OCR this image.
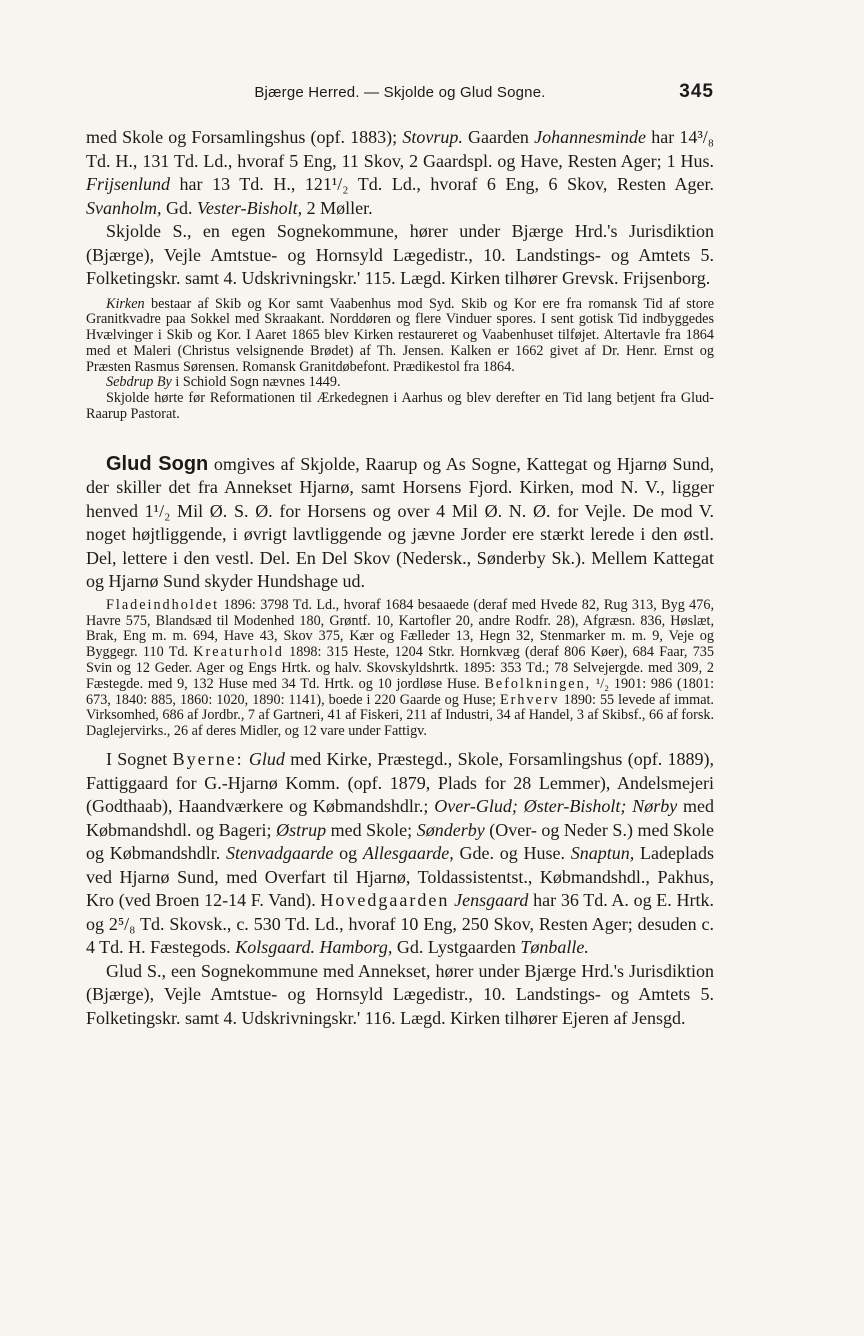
Bjærge Herred. — Skjolde og Glud Sogne.	345

med Skole og Forsamlingshus (opf. 1883); Stovrup. Gaarden Johannesminde har 14³/₈ Td. H., 131 Td. Ld., hvoraf 5 Eng, 11 Skov, 2 Gaardspl. og Have, Resten Ager; 1 Hus. Frijsenlund har 13 Td. H., 121¹/₂ Td. Ld., hvoraf 6 Eng, 6 Skov, Resten Ager. Svanholm, Gd. Vester-Bisholt, 2 Møller.

Skjolde S., en egen Sognekommune, hører under Bjærge Hrd.'s Jurisdiktion (Bjærge), Vejle Amtstue- og Hornsyld Lægedistr., 10. Landstings- og Amtets 5. Folketingskr. samt 4. Udskrivningskr.' 115. Lægd. Kirken tilhører Grevsk. Frijsenborg.

Kirken bestaar af Skib og Kor samt Vaabenhus mod Syd. Skib og Kor ere fra romansk Tid af store Granitkvadre paa Sokkel med Skraakant. Norddøren og flere Vinduer spores. I sent gotisk Tid indbyggedes Hvælvinger i Skib og Kor. I Aaret 1865 blev Kirken restaureret og Vaabenhuset tilføjet. Altertavle fra 1864 med et Maleri (Christus velsignende Brødet) af Th. Jensen. Kalken er 1662 givet af Dr. Henr. Ernst og Præsten Rasmus Sørensen. Romansk Granitdøbefont. Prædikestol fra 1864.

Sebdrup By i Schiold Sogn nævnes 1449.

Skjolde hørte før Reformationen til Ærkedegnen i Aarhus og blev derefter en Tid lang betjent fra Glud-Raarup Pastorat.

Glud Sogn omgives af Skjolde, Raarup og As Sogne, Kattegat og Hjarnø Sund, der skiller det fra Annekset Hjarnø, samt Horsens Fjord. Kirken, mod N. V., ligger henved 1¹/₂ Mil Ø. S. Ø. for Horsens og over 4 Mil Ø. N. Ø. for Vejle. De mod V. noget højtliggende, i øvrigt lavtliggende og jævne Jorder ere stærkt lerede i den østl. Del, lettere i den vestl. Del. En Del Skov (Nedersk., Sønderby Sk.). Mellem Kattegat og Hjarnø Sund skyder Hundshage ud.

Fladeindholdet 1896: 3798 Td. Ld., hvoraf 1684 besaaede (deraf med Hvede 82, Rug 313, Byg 476, Havre 575, Blandsæd til Modenhed 180, Grøntf. 10, Kartofler 20, andre Rodfr. 28), Afgræsn. 836, Høslæt, Brak, Eng m. m. 694, Have 43, Skov 375, Kær og Fælleder 13, Hegn 32, Stenmarker m. m. 9, Veje og Byggegr. 110 Td. Kreaturhold 1898: 315 Heste, 1204 Stkr. Hornkvæg (deraf 806 Køer), 684 Faar, 735 Svin og 12 Geder. Ager og Engs Hrtk. og halv. Skovskyldshrtk. 1895: 353 Td.; 78 Selvejergde. med 309, 2 Fæstegde. med 9, 132 Huse med 34 Td. Hrtk. og 10 jordløse Huse. Befolkningen, ¹/₂ 1901: 986 (1801: 673, 1840: 885, 1860: 1020, 1890: 1141), boede i 220 Gaarde og Huse; Erhverv 1890: 55 levede af immat. Virksomhed, 686 af Jordbr., 7 af Gartneri, 41 af Fiskeri, 211 af Industri, 34 af Handel, 3 af Skibsf., 66 af forsk. Daglejervirks., 26 af deres Midler, og 12 vare under Fattigv.

I Sognet Byerne: Glud med Kirke, Præstegd., Skole, Forsamlingshus (opf. 1889), Fattiggaard for G.-Hjarnø Komm. (opf. 1879, Plads for 28 Lemmer), Andelsmejeri (Godthaab), Haandværkere og Købmandshdlr.; Over-Glud; Øster-Bisholt; Nørby med Købmandshdl. og Bageri; Østrup med Skole; Sønderby (Over- og Neder S.) med Skole og Købmandshdlr. Stenvadgaarde og Allesgaarde, Gde. og Huse. Snaptun, Ladeplads ved Hjarnø Sund, med Overfart til Hjarnø, Toldassistentst., Købmandshdl., Pakhus, Kro (ved Broen 12-14 F. Vand). Hovedgaarden Jensgaard har 36 Td. A. og E. Hrtk. og 2⁵/₈ Td. Skovsk., c. 530 Td. Ld., hvoraf 10 Eng, 250 Skov, Resten Ager; desuden c. 4 Td. H. Fæstegods. Kolsgaard. Hamborg, Gd. Lystgaarden Tønballe.

Glud S., een Sognekommune med Annekset, hører under Bjærge Hrd.'s Jurisdiktion (Bjærge), Vejle Amtstue- og Hornsyld Lægedistr., 10. Landstings- og Amtets 5. Folketingskr. samt 4. Udskrivningskr.' 116. Lægd. Kirken tilhører Ejeren af Jensgd.
